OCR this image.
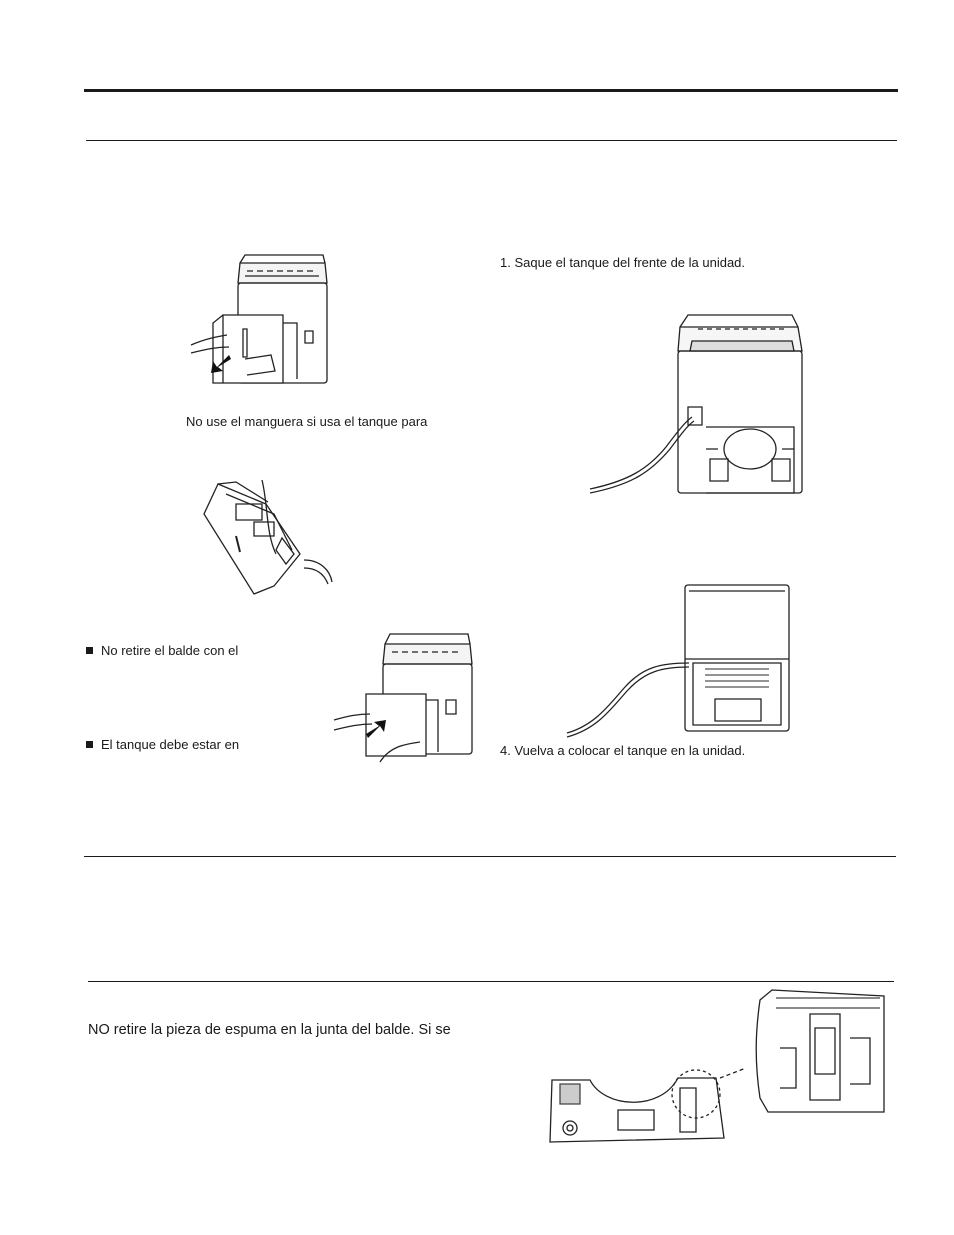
No use el manguera si usa el tanque para
No retire el balde con el
El tanque debe estar en
1. Saque el tanque del frente de la unidad.
4. Vuelva a colocar el tanque en la unidad.
NO retire la pieza de espuma en la junta del balde. Si se
